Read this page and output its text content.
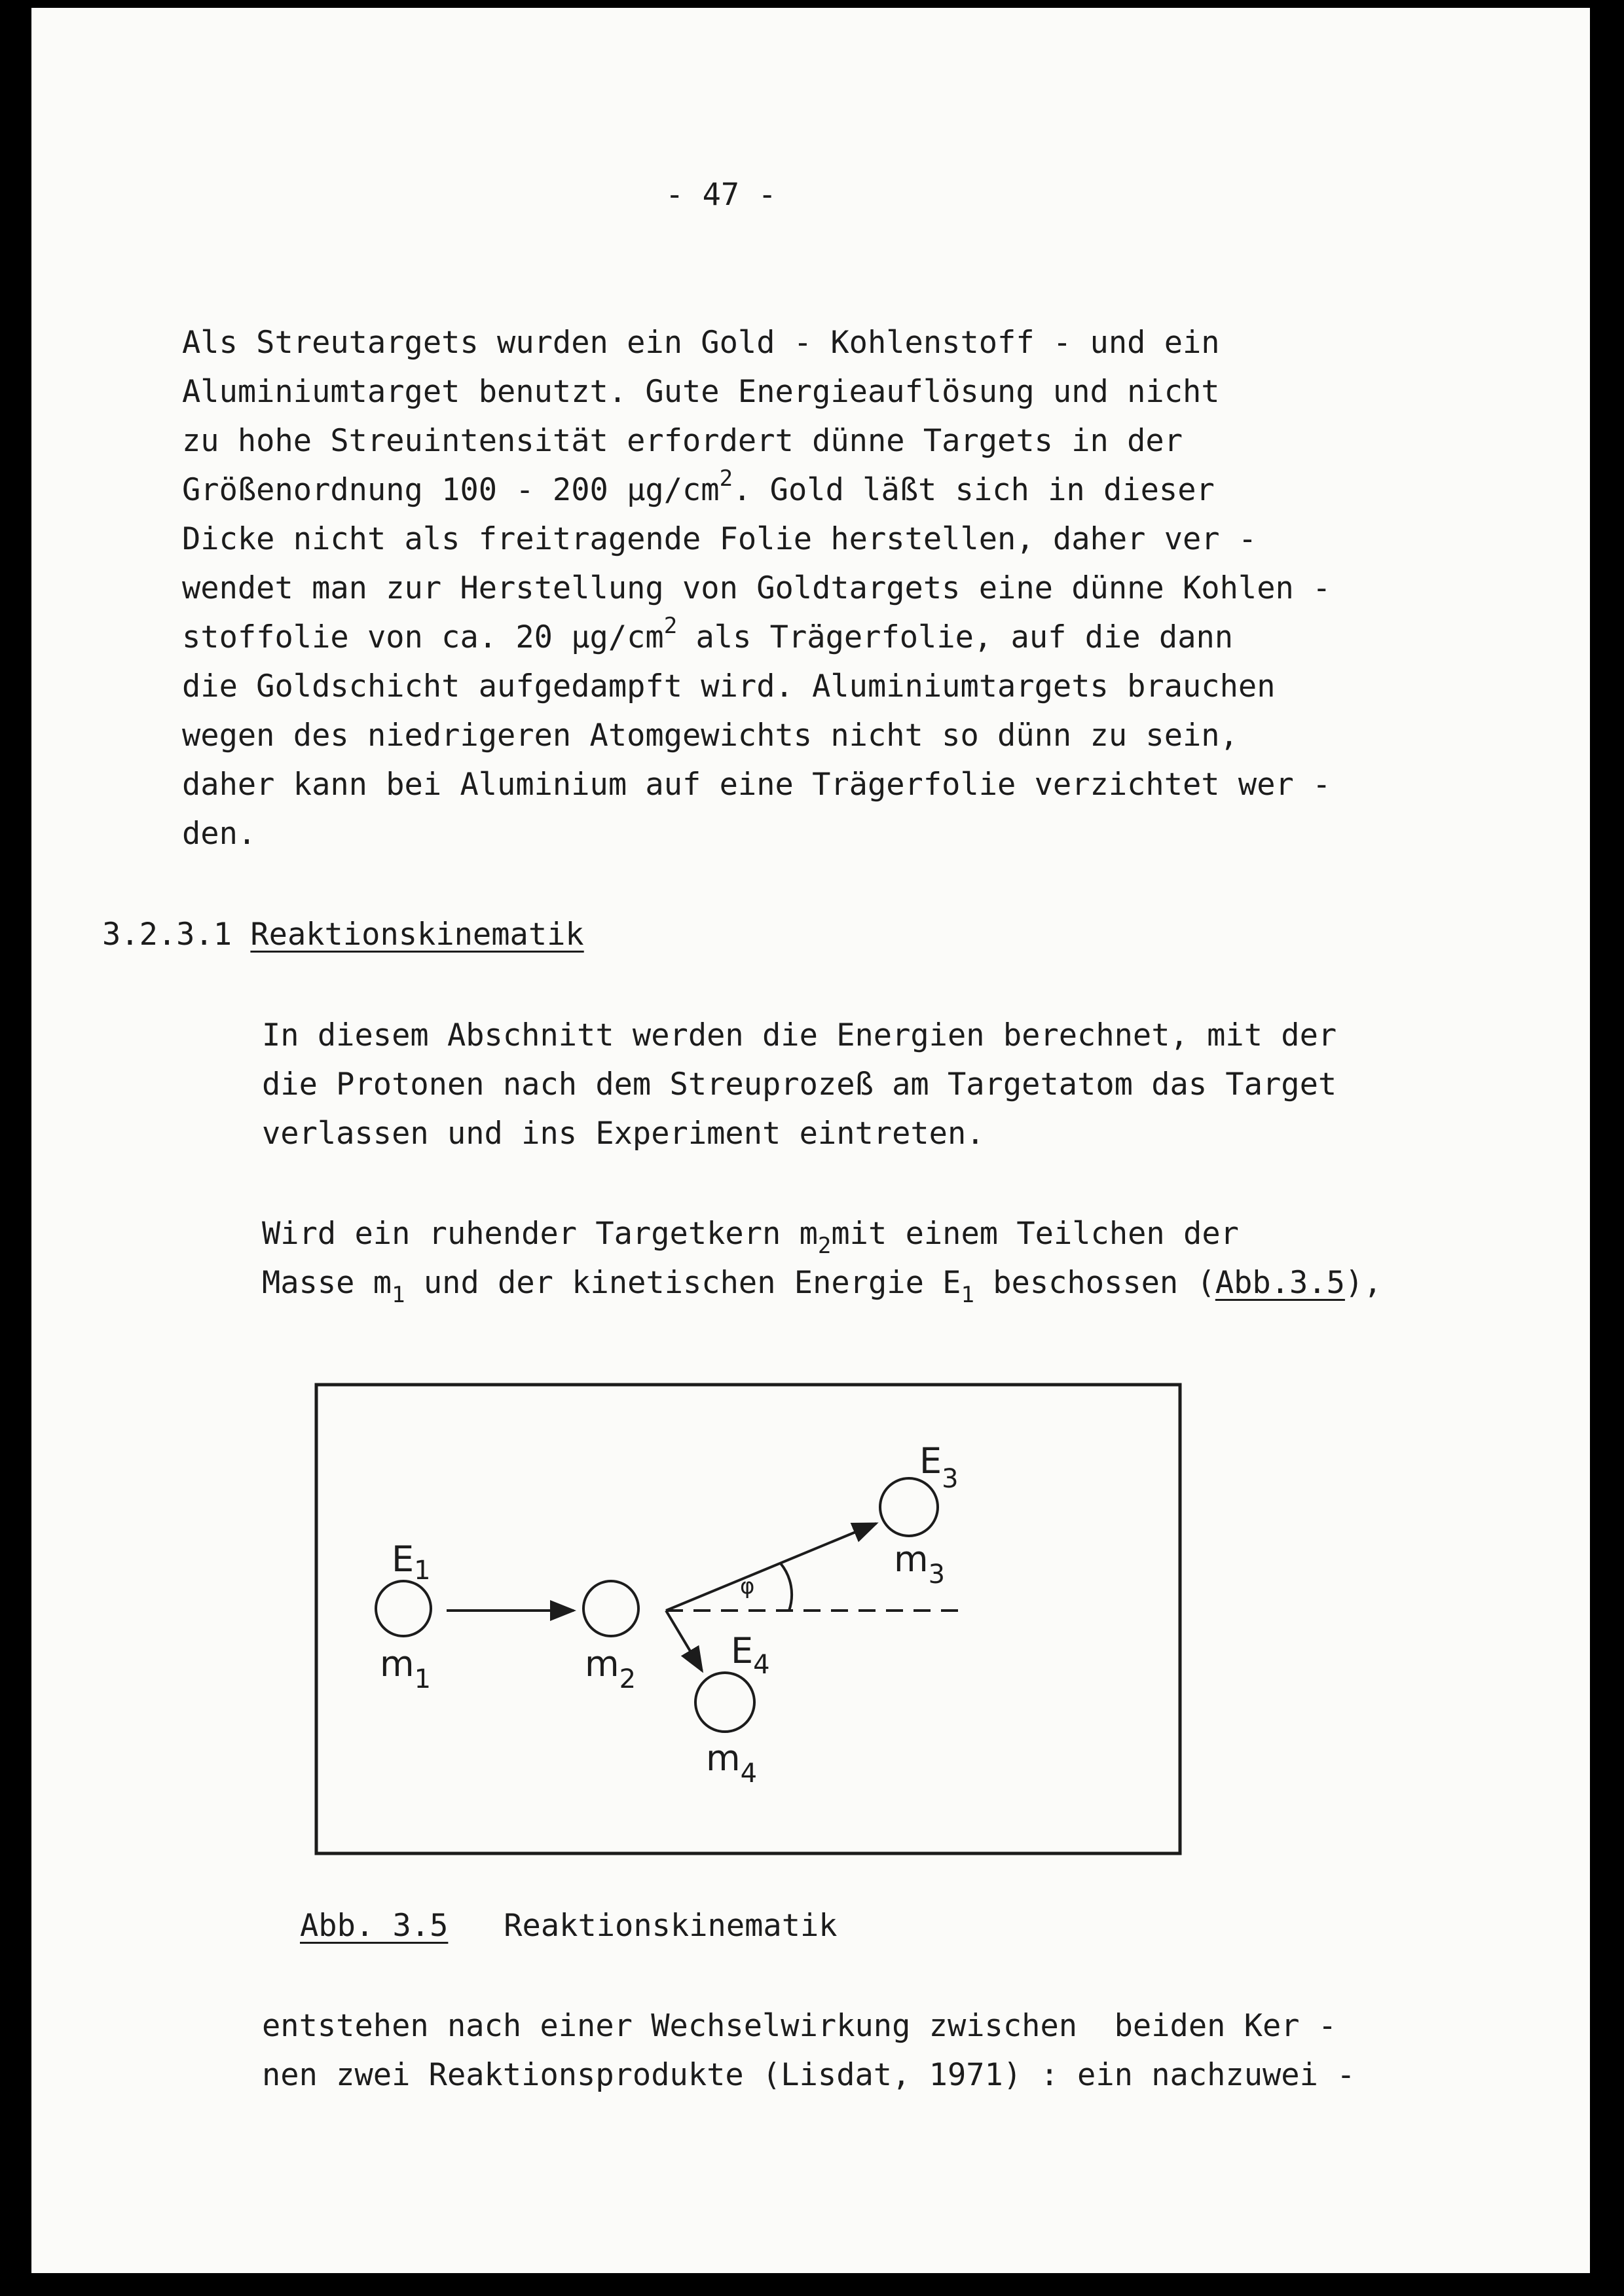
- 47 -
Als Streutargets wurden ein Gold - Kohlenstoff - und ein
Aluminiumtarget benutzt. Gute Energieauflösung und nicht
zu hohe Streuintensität erfordert dünne Targets in der
Größenordnung 100 - 200 $\mu g/cm^2$. Gold läßt sich in dieser
Dicke nicht als freitragende Folie herstellen, daher ver -
wendet man zur Herstellung von Goldtargets eine dünne Kohlen -
stoffolie von ca. 20 $\mu g/cm^2$ als Trägerfolie, auf die dann
die Goldschicht aufgedampft wird. Aluminiumtargets brauchen
wegen des niedrigeren Atomgewichts nicht so dünn zu sein,
daher kann bei Aluminium auf eine Trägerfolie verzichtet wer -
den.
3.2.3.1 Reaktionskinematik
In diesem Abschnitt werden die Energien berechnet, mit der
die Protonen nach dem Streuprozeß am Targetatom das Target
verlassen und ins Experiment eintreten.
Wird ein ruhender Targetkern $m_2mit$ einem Teilchen der
Masse $m_1$ und der kinetischen Energie $E_1$ beschossen (Abb.3.5),
$E_1$
$m_1$	$m_2$
$E_3$
$m_3$
$E_4$
$m_4$
φ
Abb. 3.5 Reaktionskinematik
entstehen nach einer Wechselwirkung zwischen  beiden Ker -
nen zwei Reaktionsprodukte (Lisdat, 1971) : ein nachzuwei -
